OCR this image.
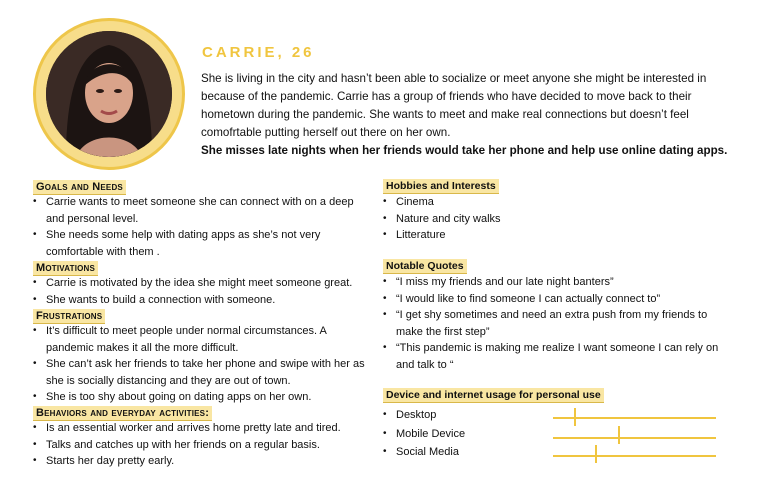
CARRIE, 26
She is living in the city and hasn’t been able to socialize or meet anyone she might be interested in because of the pandemic. Carrie has a group of friends who have decided to move back to their hometown during the pandemic. She wants to meet and make real connections but doesn’t feel comofrtable putting herself out there on her own.
She misses late nights when her friends would take her phone and help use online dating apps.
Goals and Needs
• Carrie wants to meet someone she can connect with on a deep and personal level.
• She needs some help with dating apps as she’s not very comfortable with them .
Motivations
• Carrie is motivated by the idea she might meet someone great.
• She wants to build a connection with someone.
Frustrations
• It’s difficult to meet people under normal circumstances. A pandemic makes it all the more difficult.
• She can’t ask her friends to take her phone and swipe with her as she is socially distancing and they are out of town.
• She is too shy about going on dating apps on her own.
Behaviors and everyday activities:
• Is an essential worker and arrives home pretty late and tired.
• Talks and catches up with her friends on a regular basis.
• Starts her day pretty early.
Hobbies and Interests
• Cinema
• Nature and city walks
• Litterature
Notable Quotes
• “I miss my friends and our late night banters”
• “I would like to find someone I can actually connect to”
• “I get shy sometimes and need an extra push from my friends to make the first step”
• “This pandemic is making me realize I want someone I can rely on and talk to “
Device and internet usage for personal use
• Desktop
• Mobile Device
• Social Media
